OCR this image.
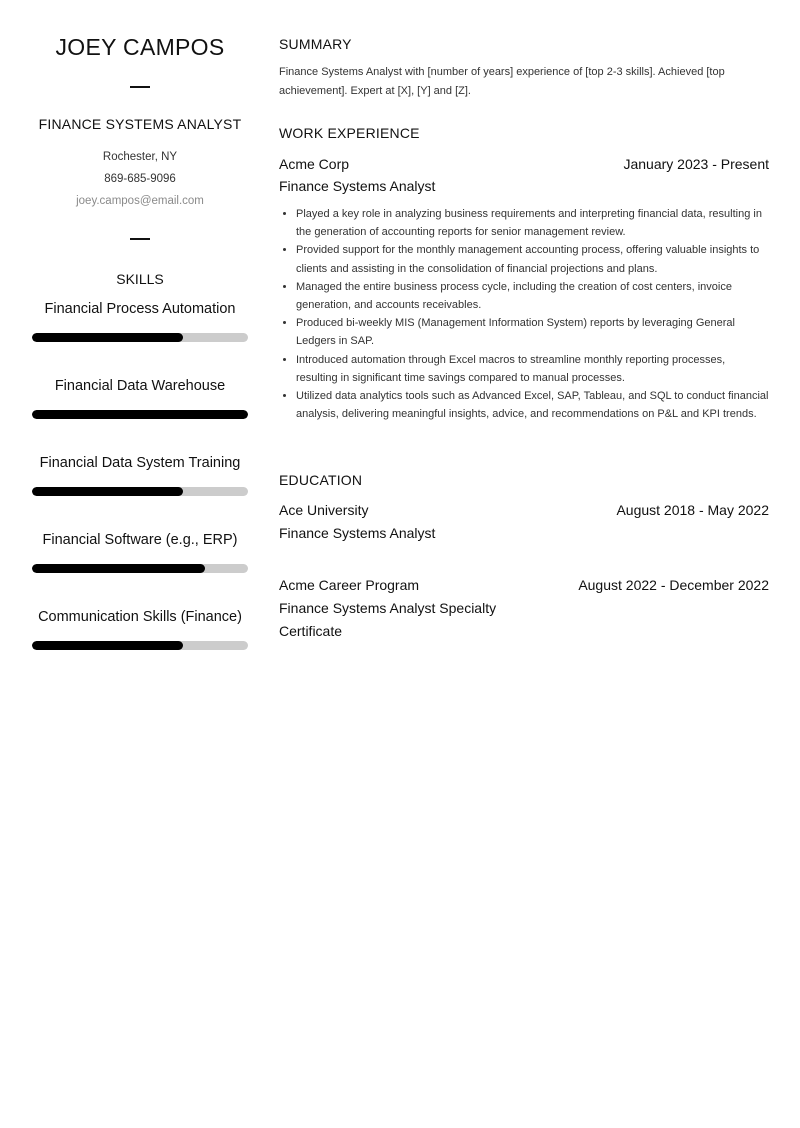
JOEY CAMPOS
FINANCE SYSTEMS ANALYST
Rochester, NY
869-685-9096
joey.campos@email.com
SKILLS
Financial Process Automation
Financial Data Warehouse
Financial Data System Training
Financial Software (e.g., ERP)
Communication Skills (Finance)
SUMMARY

Finance Systems Analyst with [number of years] experience of [top 2-3 skills]. Achieved [top achievement]. Expert at [X], [Y] and [Z].

WORK EXPERIENCE
Acme Corp	January 2023 - Present
Finance Systems Analyst
• Played a key role in analyzing business requirements and interpreting financial data, resulting in the generation of accounting reports for senior management review.
• Provided support for the monthly management accounting process, offering valuable insights to clients and assisting in the consolidation of financial projections and plans.
• Managed the entire business process cycle, including the creation of cost centers, invoice generation, and accounts receivables.
• Produced bi-weekly MIS (Management Information System) reports by leveraging General Ledgers in SAP.
• Introduced automation through Excel macros to streamline monthly reporting processes, resulting in significant time savings compared to manual processes.
• Utilized data analytics tools such as Advanced Excel, SAP, Tableau, and SQL to conduct financial analysis, delivering meaningful insights, advice, and recommendations on P&L and KPI trends.
EDUCATION
Ace University	August 2018 - May 2022
Finance Systems Analyst
Acme Career Program	August 2022 - December 2022
Finance Systems Analyst Specialty Certificate
